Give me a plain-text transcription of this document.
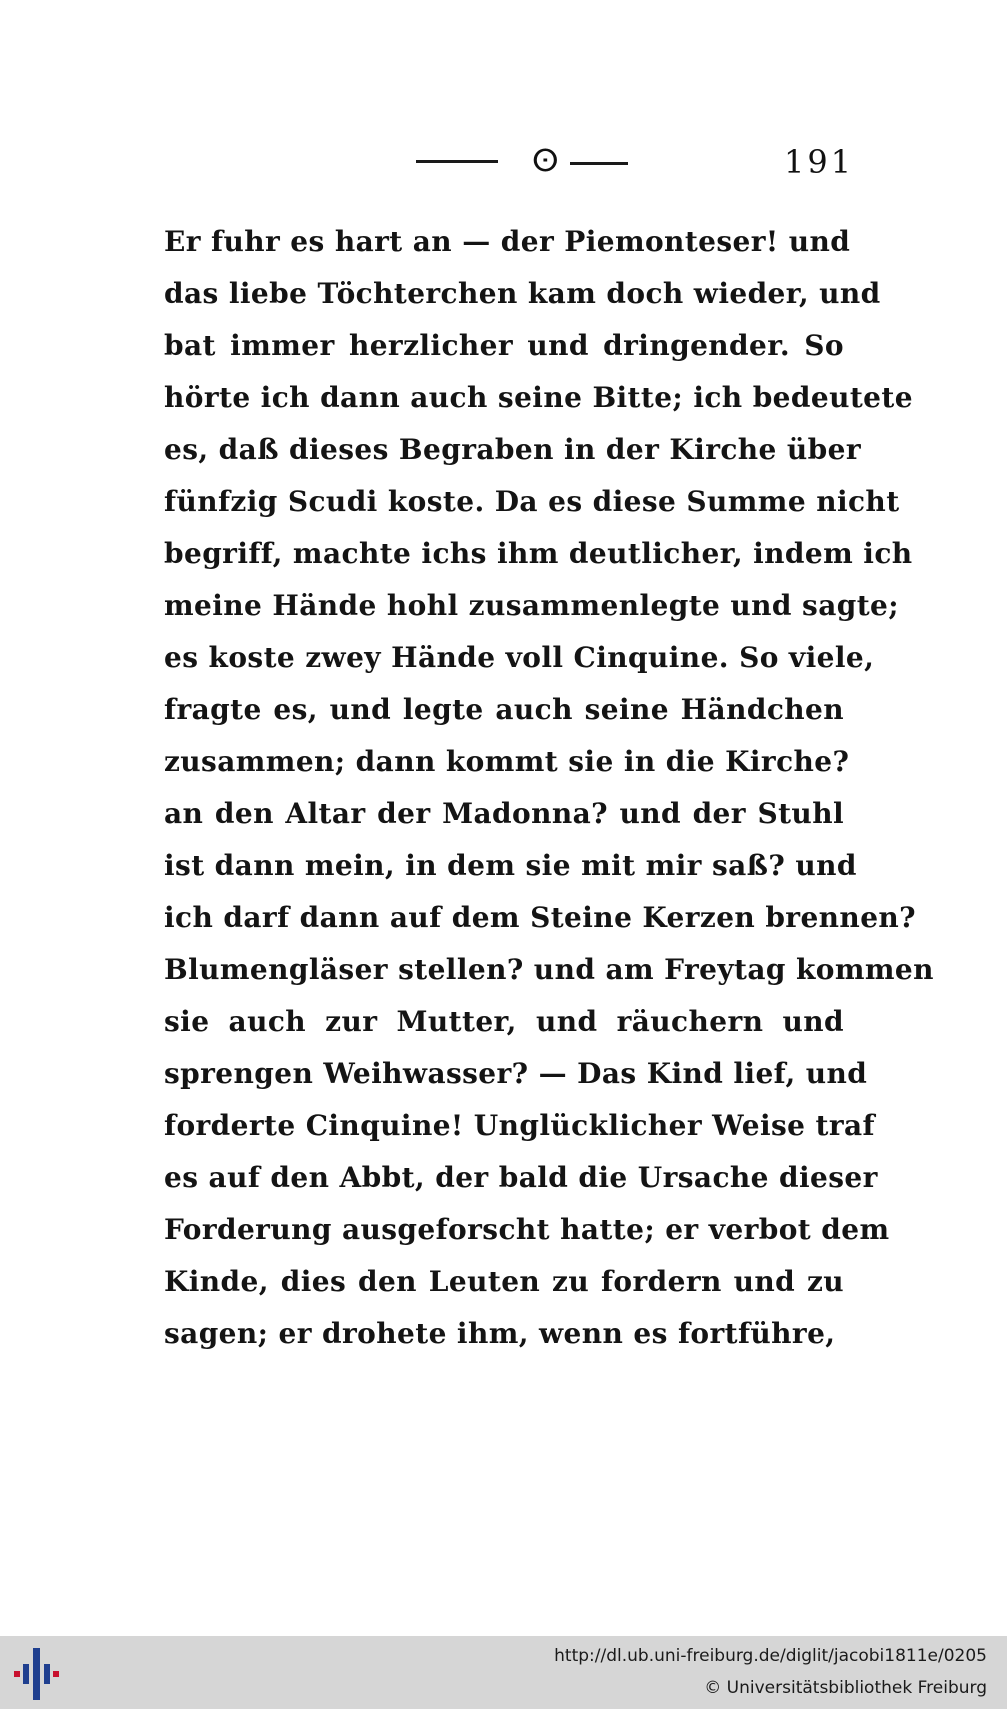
ⵙ	191
Er fuhr es hart an — der Piemonteser! und
das liebe Töchterchen kam doch wieder, und
bat immer herzlicher und dringender. So
hörte ich dann auch seine Bitte; ich bedeutete
es, daß dieses Begraben in der Kirche über
fünfzig Scudi koste. Da es diese Summe nicht
begriff, machte ichs ihm deutlicher, indem ich
meine Hände hohl zusammenlegte und sagte;
es koste zwey Hände voll Cinquine. So viele,
fragte es, und legte auch seine Händchen
zusammen; dann kommt sie in die Kirche?
an den Altar der Madonna? und der Stuhl
ist dann mein, in dem sie mit mir saß? und
ich darf dann auf dem Steine Kerzen brennen?
Blumengläser stellen? und am Freytag kommen
sie auch zur Mutter, und räuchern und
sprengen Weihwasser? — Das Kind lief, und
forderte Cinquine! Unglücklicher Weise traf
es auf den Abbt, der bald die Ursache dieser
Forderung ausgeforscht hatte; er verbot dem
Kinde, dies den Leuten zu fordern und zu
sagen; er drohete ihm, wenn es fortführe,
http://dl.ub.uni-freiburg.de/diglit/jacobi1811e/0205
© Universitätsbibliothek Freiburg
